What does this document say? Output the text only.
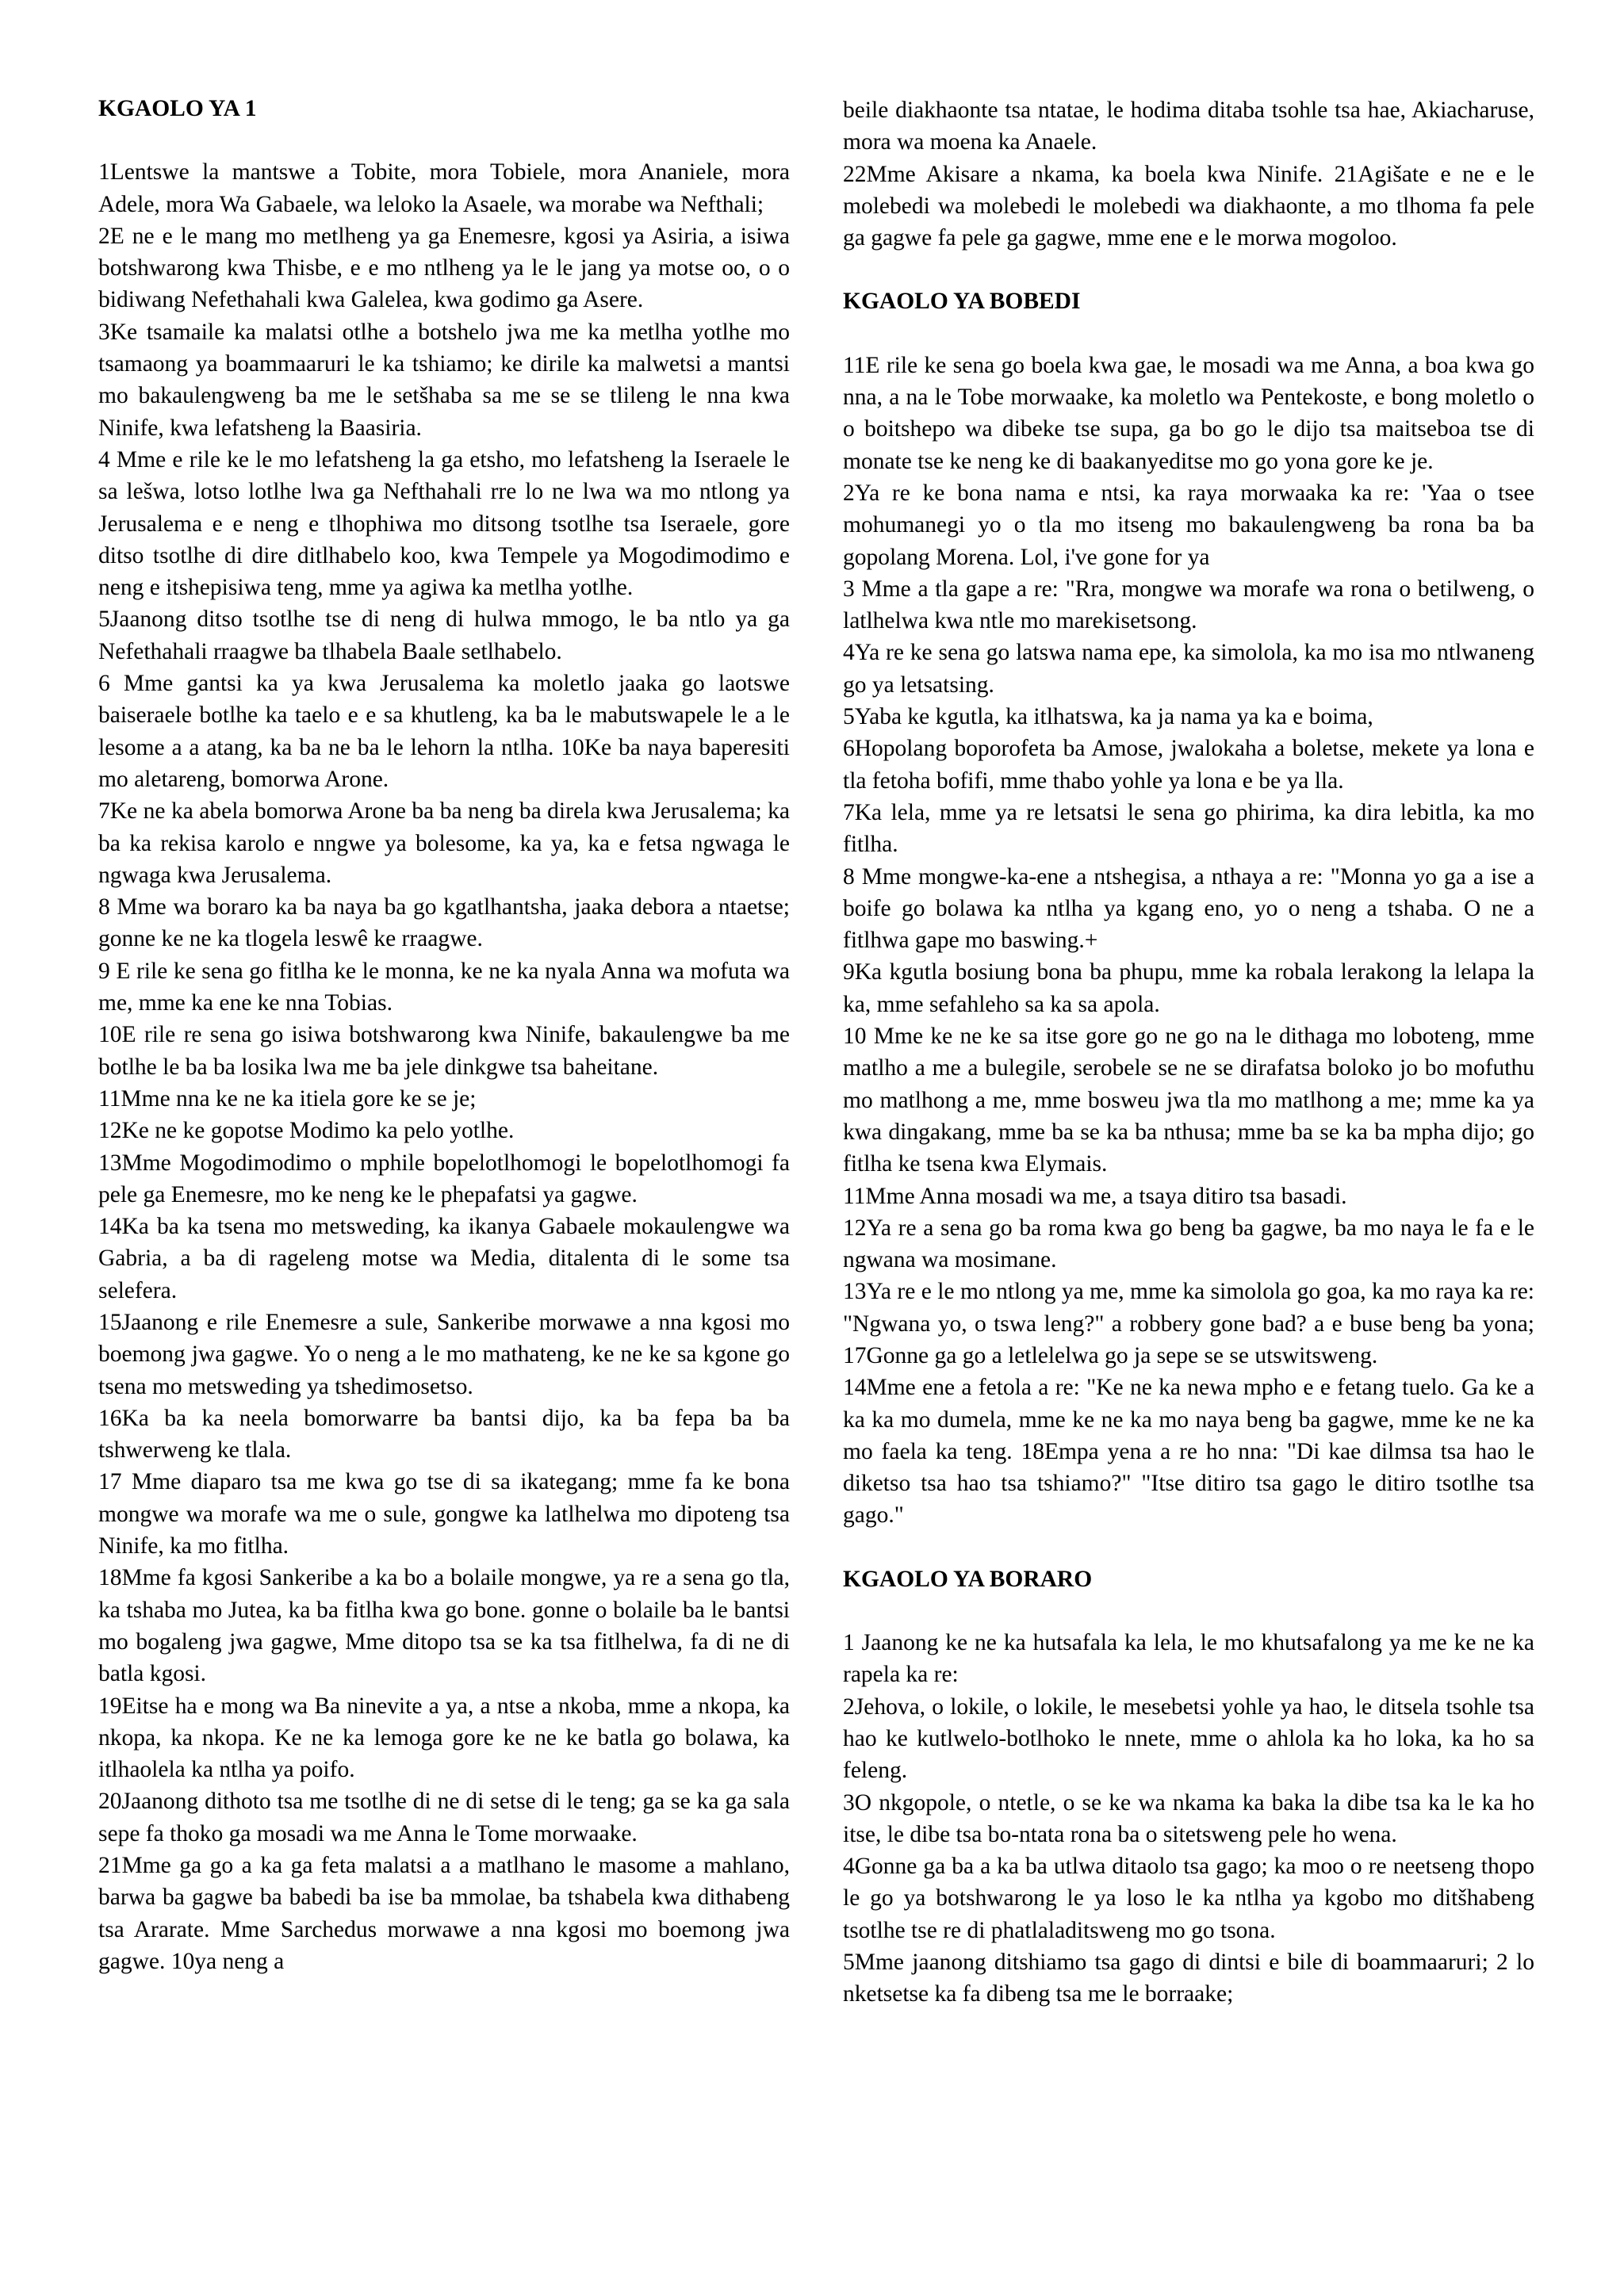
KGAOLO YA 1

1Lentswe la mantswe a Tobite, mora Tobiele, mora Ananiele, mora Adele, mora Wa Gabaele, wa leloko la Asaele, wa morabe wa Nefthali;

2E ne e le mang mo metlheng ya ga Enemesre, kgosi ya Asiria, a isiwa botshwarong kwa Thisbe, e e mo ntlheng ya le le jang ya motse oo, o o bidiwang Nefethahali kwa Galelea, kwa godimo ga Asere.

3Ke tsamaile ka malatsi otlhe a botshelo jwa me ka metlha yotlhe mo tsamaong ya boammaaruri le ka tshiamo; ke dirile ka malwetsi a mantsi mo bakaulengweng ba me le setšhaba sa me se se tlileng le nna kwa Ninife, kwa lefatsheng la Baasiria.

4 Mme e rile ke le mo lefatsheng la ga etsho, mo lefatsheng la Iseraele le sa lešwa, lotso lotlhe lwa ga Nefthahali rre lo ne lwa wa mo ntlong ya Jerusalema e e neng e tlhophiwa mo ditsong tsotlhe tsa Iseraele, gore ditso tsotlhe di dire ditlhabelo koo, kwa Tempele ya Mogodimodimo e neng e itshepisiwa teng, mme ya agiwa ka metlha yotlhe.

5Jaanong ditso tsotlhe tse di neng di hulwa mmogo, le ba ntlo ya ga Nefethahali rraagwe ba tlhabela Baale setlhabelo.

6 Mme gantsi ka ya kwa Jerusalema ka moletlo jaaka go laotswe baiseraele botlhe ka taelo e e sa khutleng, ka ba le mabutswapele le a le lesome a a atang, ka ba ne ba le lehorn la ntlha. 10Ke ba naya baperesiti mo aletareng, bomorwa Arone.

7Ke ne ka abela bomorwa Arone ba ba neng ba direla kwa Jerusalema; ka ba ka rekisa karolo e nngwe ya bolesome, ka ya, ka e fetsa ngwaga le ngwaga kwa Jerusalema.

8 Mme wa boraro ka ba naya ba go kgatlhantsha, jaaka debora a ntaetse; gonne ke ne ka tlogela leswê ke rraagwe.

9 E rile ke sena go fitlha ke le monna, ke ne ka nyala Anna wa mofuta wa me, mme ka ene ke nna Tobias.

10E rile re sena go isiwa botshwarong kwa Ninife, bakaulengwe ba me botlhe le ba ba losika lwa me ba jele dinkgwe tsa baheitane.

11Mme nna ke ne ka itiela gore ke se je;

12Ke ne ke gopotse Modimo ka pelo yotlhe.

13Mme Mogodimodimo o mphile bopelotlhomogi le bopelotlhomogi fa pele ga Enemesre, mo ke neng ke le phepafatsi ya gagwe.

14Ka ba ka tsena mo metsweding, ka ikanya Gabaele mokaulengwe wa Gabria, a ba di rageleng motse wa Media, ditalenta di le some tsa selefera.

15Jaanong e rile Enemesre a sule, Sankeribe morwawe a nna kgosi mo boemong jwa gagwe. Yo o neng a le mo mathateng, ke ne ke sa kgone go tsena mo metsweding ya tshedimosetso.

16Ka ba ka neela bomorwarre ba bantsi dijo, ka ba fepa ba ba tshwerweng ke tlala.

17 Mme diaparo tsa me kwa go tse di sa ikategang; mme fa ke bona mongwe wa morafe wa me o sule, gongwe ka latlhelwa mo dipoteng tsa Ninife, ka mo fitlha.

18Mme fa kgosi Sankeribe a ka bo a bolaile mongwe, ya re a sena go tla, ka tshaba mo Jutea, ka ba fitlha kwa go bone. gonne o bolaile ba le bantsi mo bogaleng jwa gagwe, Mme ditopo tsa se ka tsa fitlhelwa, fa di ne di batla kgosi.

19Eitse ha e mong wa Ba ninevite a ya, a ntse a nkoba, mme a nkopa, ka nkopa, ka nkopa. Ke ne ka lemoga gore ke ne ke batla go bolawa, ka itlhaolela ka ntlha ya poifo.

20Jaanong dithoto tsa me tsotlhe di ne di setse di le teng; ga se ka ga sala sepe fa thoko ga mosadi wa me Anna le Tome morwaake.

21Mme ga go a ka ga feta malatsi a a matlhano le masome a mahlano, barwa ba gagwe ba babedi ba ise ba mmolae, ba tshabela kwa dithabeng tsa Ararate. Mme Sarchedus morwawe a nna kgosi mo boemong jwa gagwe. 10ya neng a

beile diakhaonte tsa ntatae, le hodima ditaba tsohle tsa hae, Akiacharuse, mora wa moena ka Anaele.

22Mme Akisare a nkama, ka boela kwa Ninife. 21Agišate e ne e le molebedi wa molebedi le molebedi wa diakhaonte, a mo tlhoma fa pele ga gagwe fa pele ga gagwe, mme ene e le morwa mogoloo.

KGAOLO YA BOBEDI

11E rile ke sena go boela kwa gae, le mosadi wa me Anna, a boa kwa go nna, a na le Tobe morwaake, ka moletlo wa Pentekoste, e bong moletlo o o boitshepo wa dibeke tse supa, ga bo go le dijo tsa maitseboa tse di monate tse ke neng ke di baakanyeditse mo go yona gore ke je.

2Ya re ke bona nama e ntsi, ka raya morwaaka ka re: 'Yaa o tsee mohumanegi yo o tla mo itseng mo bakaulengweng ba rona ba ba gopolang Morena. Lol, i've gone for ya

3 Mme a tla gape a re: "Rra, mongwe wa morafe wa rona o betilweng, o latlhelwa kwa ntle mo marekisetsong.

4Ya re ke sena go latswa nama epe, ka simolola, ka mo isa mo ntlwaneng go ya letsatsing.

5Yaba ke kgutla, ka itlhatswa, ka ja nama ya ka e boima,

6Hopolang boporofeta ba Amose, jwalokaha a boletse, mekete ya lona e tla fetoha bofifi, mme thabo yohle ya lona e be ya lla.

7Ka lela, mme ya re letsatsi le sena go phirima, ka dira lebitla, ka mo fitlha.

8 Mme mongwe-ka-ene a ntshegisa, a nthaya a re: "Monna yo ga a ise a boife go bolawa ka ntlha ya kgang eno, yo o neng a tshaba. O ne a fitlhwa gape mo baswing.+

9Ka kgutla bosiung bona ba phupu, mme ka robala lerakong la lelapa la ka, mme sefahleho sa ka sa apola.

10 Mme ke ne ke sa itse gore go ne go na le dithaga mo loboteng, mme matlho a me a bulegile, serobele se ne se dirafatsa boloko jo bo mofuthu mo matlhong a me, mme bosweu jwa tla mo matlhong a me; mme ka ya kwa dingakang, mme ba se ka ba nthusa; mme ba se ka ba mpha dijo; go fitlha ke tsena kwa Elymais.

11Mme Anna mosadi wa me, a tsaya ditiro tsa basadi.

12Ya re a sena go ba roma kwa go beng ba gagwe, ba mo naya le fa e le ngwana wa mosimane.

13Ya re e le mo ntlong ya me, mme ka simolola go goa, ka mo raya ka re: "Ngwana yo, o tswa leng?" a robbery gone bad? a e buse beng ba yona; 17Gonne ga go a letlelelwa go ja sepe se se utswitsweng.

14Mme ene a fetola a re: "Ke ne ka newa mpho e e fetang tuelo. Ga ke a ka ka mo dumela, mme ke ne ka mo naya beng ba gagwe, mme ke ne ka mo faela ka teng. 18Empa yena a re ho nna: "Di kae dilmsa tsa hao le diketso tsa hao tsa tshiamo?" "Itse ditiro tsa gago le ditiro tsotlhe tsa gago."

KGAOLO YA BORARO

1 Jaanong ke ne ka hutsafala ka lela, le mo khutsafalong ya me ke ne ka rapela ka re:

2Jehova, o lokile, o lokile, le mesebetsi yohle ya hao, le ditsela tsohle tsa hao ke kutlwelo-botlhoko le nnete, mme o ahlola ka ho loka, ka ho sa feleng.

3O nkgopole, o ntetle, o se ke wa nkama ka baka la dibe tsa ka le ka ho itse, le dibe tsa bo-ntata rona ba o sitetsweng pele ho wena.

4Gonne ga ba a ka ba utlwa ditaolo tsa gago; ka moo o re neetseng thopo le go ya botshwarong le ya loso le ka ntlha ya kgobo mo ditšhabeng tsotlhe tse re di phatlaladitsweng mo go tsona.

5Mme jaanong ditshiamo tsa gago di dintsi e bile di boammaaruri; 2 lo nketsetse ka fa dibeng tsa me le borraake;
